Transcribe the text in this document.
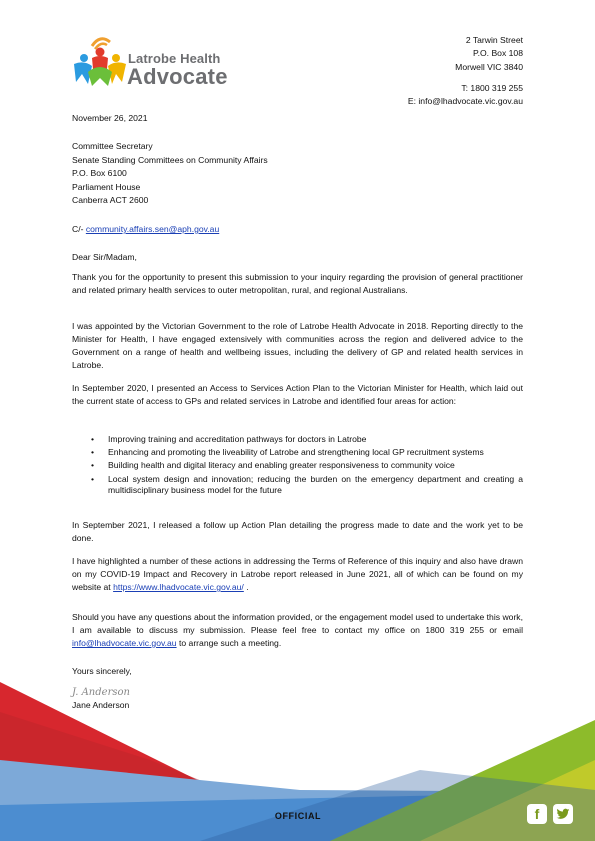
Latrobe Health
Advocate
2 Tarwin Street
P.O. Box 108
Morwell VIC 3840
T: 1800 319 255
E: info@lhadvocate.vic.gov.au
November 26, 2021
Committee Secretary
Senate Standing Committees on Community Affairs
P.O. Box 6100
Parliament House
Canberra ACT 2600
C/- community.affairs.sen@aph.gov.au
Dear Sir/Madam,

Thank you for the opportunity to present this submission to your inquiry regarding the provision of general practitioner and related primary health services to outer metropolitan, rural, and regional Australians.

I was appointed by the Victorian Government to the role of Latrobe Health Advocate in 2018. Reporting directly to the Minister for Health, I have engaged extensively with communities across the region and delivered advice to the Government on a range of health and wellbeing issues, including the delivery of GP and related health services in Latrobe.

In September 2020, I presented an Access to Services Action Plan to the Victorian Minister for Health, which laid out the current state of access to GPs and related services in Latrobe and identified four areas for action:

• Improving training and accreditation pathways for doctors in Latrobe
• Enhancing and promoting the liveability of Latrobe and strengthening local GP recruitment systems
• Building health and digital literacy and enabling greater responsiveness to community voice
• Local system design and innovation; reducing the burden on the emergency department and creating a multidisciplinary business model for the future

In September 2021, I released a follow up Action Plan detailing the progress made to date and the work yet to be done.

I have highlighted a number of these actions in addressing the Terms of Reference of this inquiry and also have drawn on my COVID-19 Impact and Recovery in Latrobe report released in June 2021, all of which can be found on my website at https://www.lhadvocate.vic.gov.au/ .

Should you have any questions about the information provided, or the engagement model used to undertake this work, I am available to discuss my submission. Please feel free to contact my office on 1800 319 255 or email info@lhadvocate.vic.gov.au to arrange such a meeting.

Yours sincerely,
J. Anderson
Jane Anderson
OFFICIAL	f
